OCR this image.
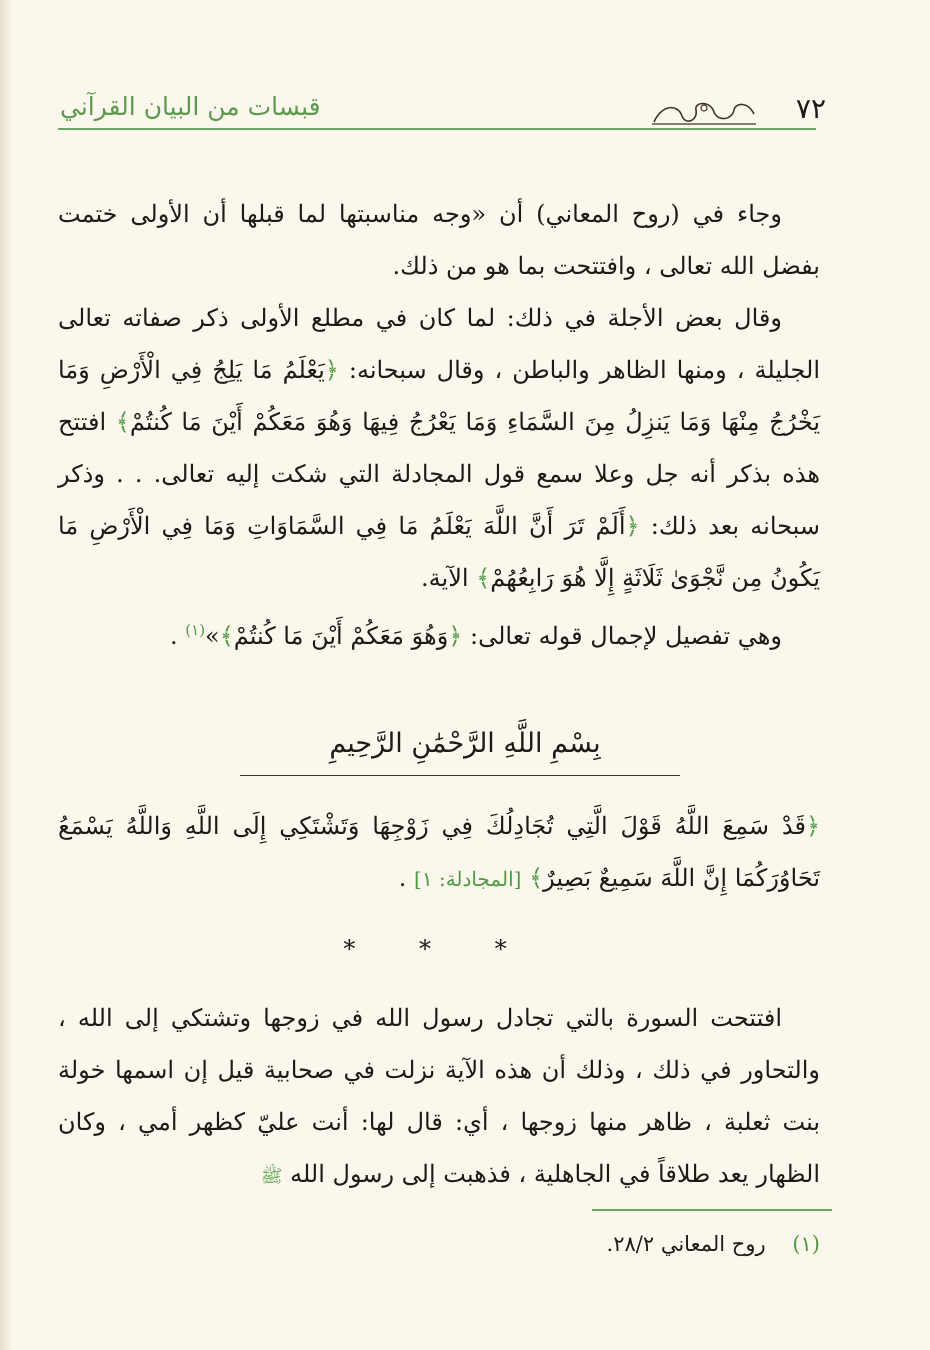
قبسات من البيان القرآني	٧٢

وجاء في (روح المعاني) أن «وجه مناسبتها لما قبلها أن الأولى ختمت بفضل الله تعالى ، وافتتحت بما هو من ذلك.

وقال بعض الأجلة في ذلك: لما كان في مطلع الأولى ذكر صفاته تعالى الجليلة ، ومنها الظاهر والباطن ، وقال سبحانه: ﴿يَعْلَمُ مَا يَلِجُ فِي الْأَرْضِ وَمَا يَخْرُجُ مِنْهَا وَمَا يَنزِلُ مِنَ السَّمَاءِ وَمَا يَعْرُجُ فِيهَا وَهُوَ مَعَكُمْ أَيْنَ مَا كُنتُمْ﴾ افتتح هذه بذكر أنه جل وعلا سمع قول المجادلة التي شكت إليه تعالى. . . وذكر سبحانه بعد ذلك: ﴿أَلَمْ تَرَ أَنَّ اللَّهَ يَعْلَمُ مَا فِي السَّمَاوَاتِ وَمَا فِي الْأَرْضِ مَا يَكُونُ مِن نَّجْوَىٰ ثَلَاثَةٍ إِلَّا هُوَ رَابِعُهُمْ﴾ الآية.

وهي تفصيل لإجمال قوله تعالى: ﴿وَهُوَ مَعَكُمْ أَيْنَ مَا كُنتُمْ﴾»$^{(١)}$ .

بِسْمِ اللَّهِ الرَّحْمَٰنِ الرَّحِيمِ

﴿قَدْ سَمِعَ اللَّهُ قَوْلَ الَّتِي تُجَادِلُكَ فِي زَوْجِهَا وَتَشْتَكِي إِلَى اللَّهِ وَاللَّهُ يَسْمَعُ تَحَاوُرَكُمَا إِنَّ اللَّهَ سَمِيعٌ بَصِيرٌ﴾ [المجادلة: ١] .

* * *

افتتحت السورة بالتي تجادل رسول الله في زوجها وتشتكي إلى الله ، والتحاور في ذلك ، وذلك أن هذه الآية نزلت في صحابية قيل إن اسمها خولة بنت ثعلبة ، ظاهر منها زوجها ، أي: قال لها: أنت عليّ كظهر أمي ، وكان الظهار يعد طلاقاً في الجاهلية ، فذهبت إلى رسول الله ﷺ

(١)    روح المعاني ٢٨/٢.
